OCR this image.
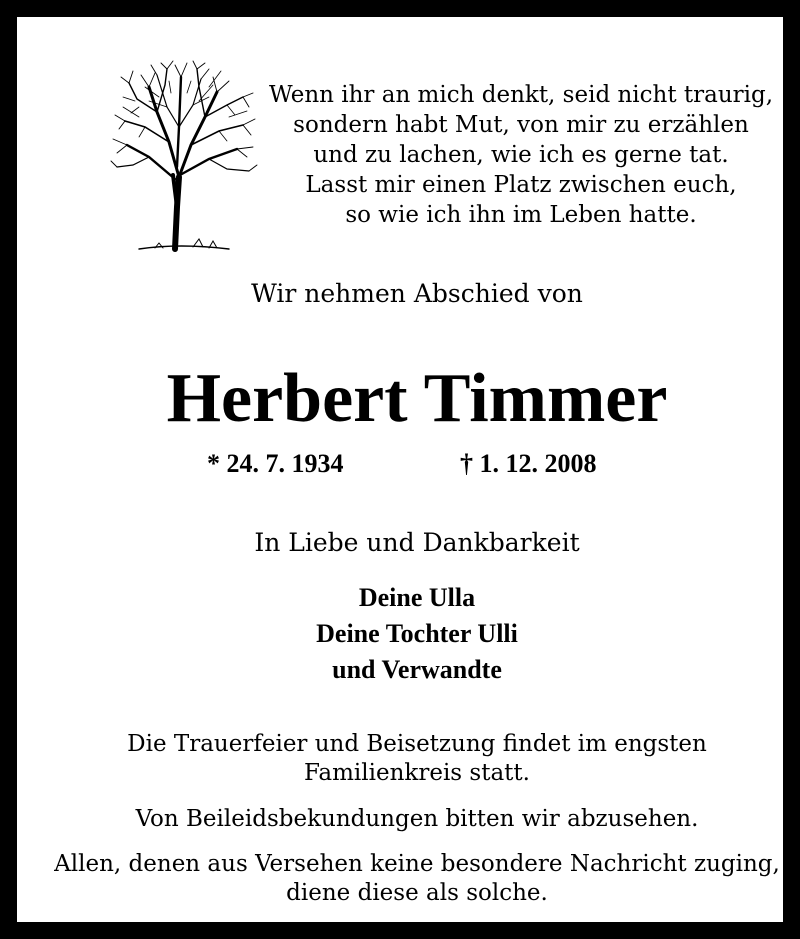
Wenn ihr an mich denkt, seid nicht traurig,
sondern habt Mut, von mir zu erzählen
und zu lachen, wie ich es gerne tat.
Lasst mir einen Platz zwischen euch,
so wie ich ihn im Leben hatte.
Wir nehmen Abschied von
Herbert Timmer
* 24. 7. 1934	† 1. 12. 2008
In Liebe und Dankbarkeit
Deine Ulla
Deine Tochter Ulli
und Verwandte
Die Trauerfeier und Beisetzung findet im engsten
Familienkreis statt.
Von Beileidsbekundungen bitten wir abzusehen.
Allen, denen aus Versehen keine besondere Nachricht zuging,
diene diese als solche.
